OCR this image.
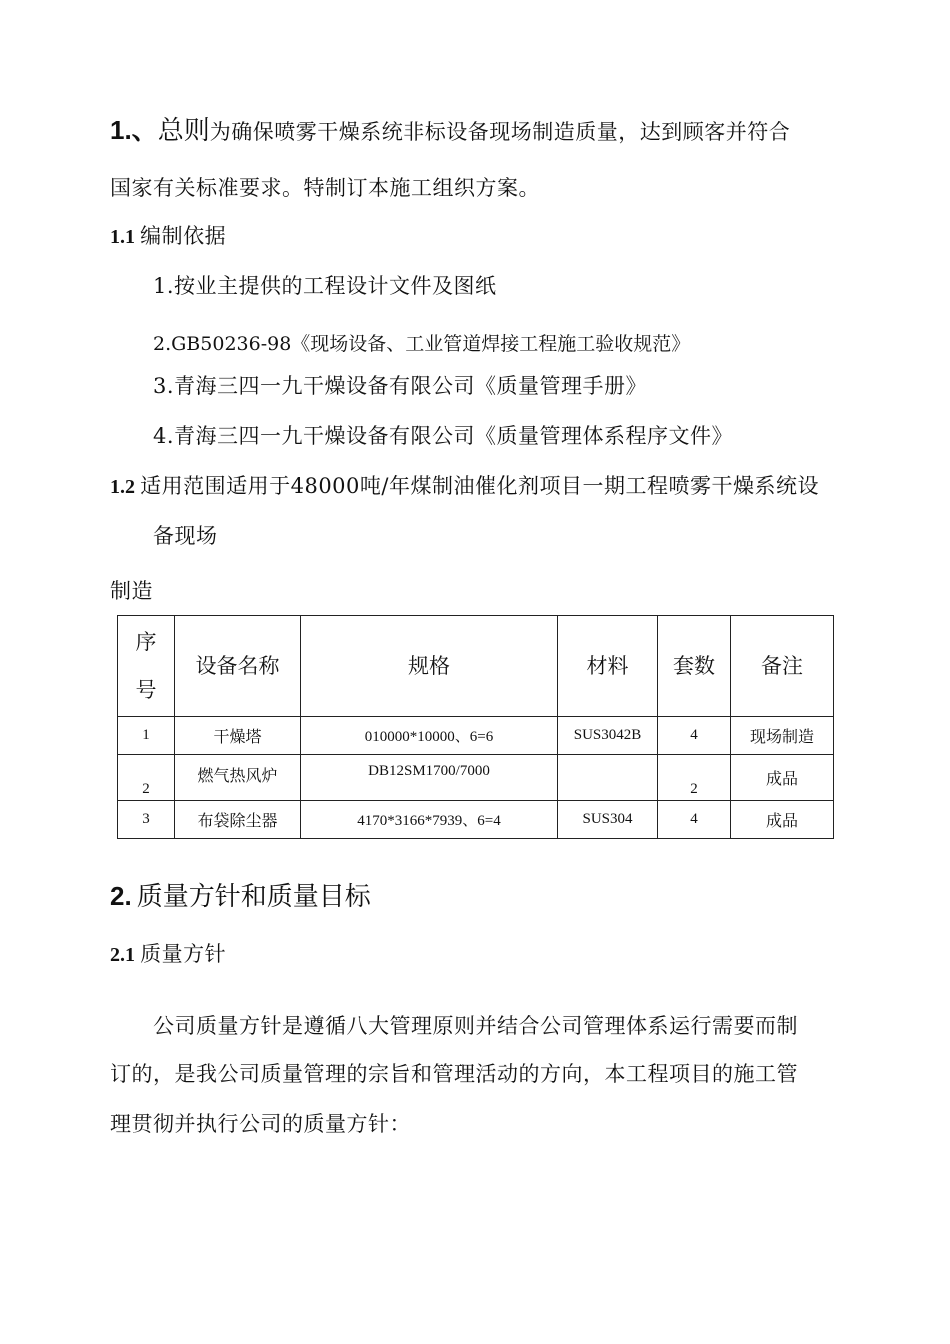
1.、总则为确保喷雾干燥系统非标设备现场制造质量，达到顾客并符合
国家有关标准要求。特制订本施工组织方案。
1.1 编制依据
1.按业主提供的工程设计文件及图纸
2.GB50236-98《现场设备、工业管道焊接工程施工验收规范》
3.青海三四一九干燥设备有限公司《质量管理手册》
4.青海三四一九干燥设备有限公司《质量管理体系程序文件》
1.2 适用范围适用于48000吨/年煤制油催化剂项目一期工程喷雾干燥系统设
备现场
制造
序
号	设备名称	规格	材料	套数	备注
1	干燥塔	010000*10000、6=6	SUS3042B	4	现场制造
2	燃气热风炉	DB12SM1700/7000		2	成品
3	布袋除尘器	4170*3166*7939、6=4	SUS304	4	成品
2. 质量方针和质量目标
2.1 质量方针
公司质量方针是遵循八大管理原则并结合公司管理体系运行需要而制
订的，是我公司质量管理的宗旨和管理活动的方向，本工程项目的施工管
理贯彻并执行公司的质量方针：
